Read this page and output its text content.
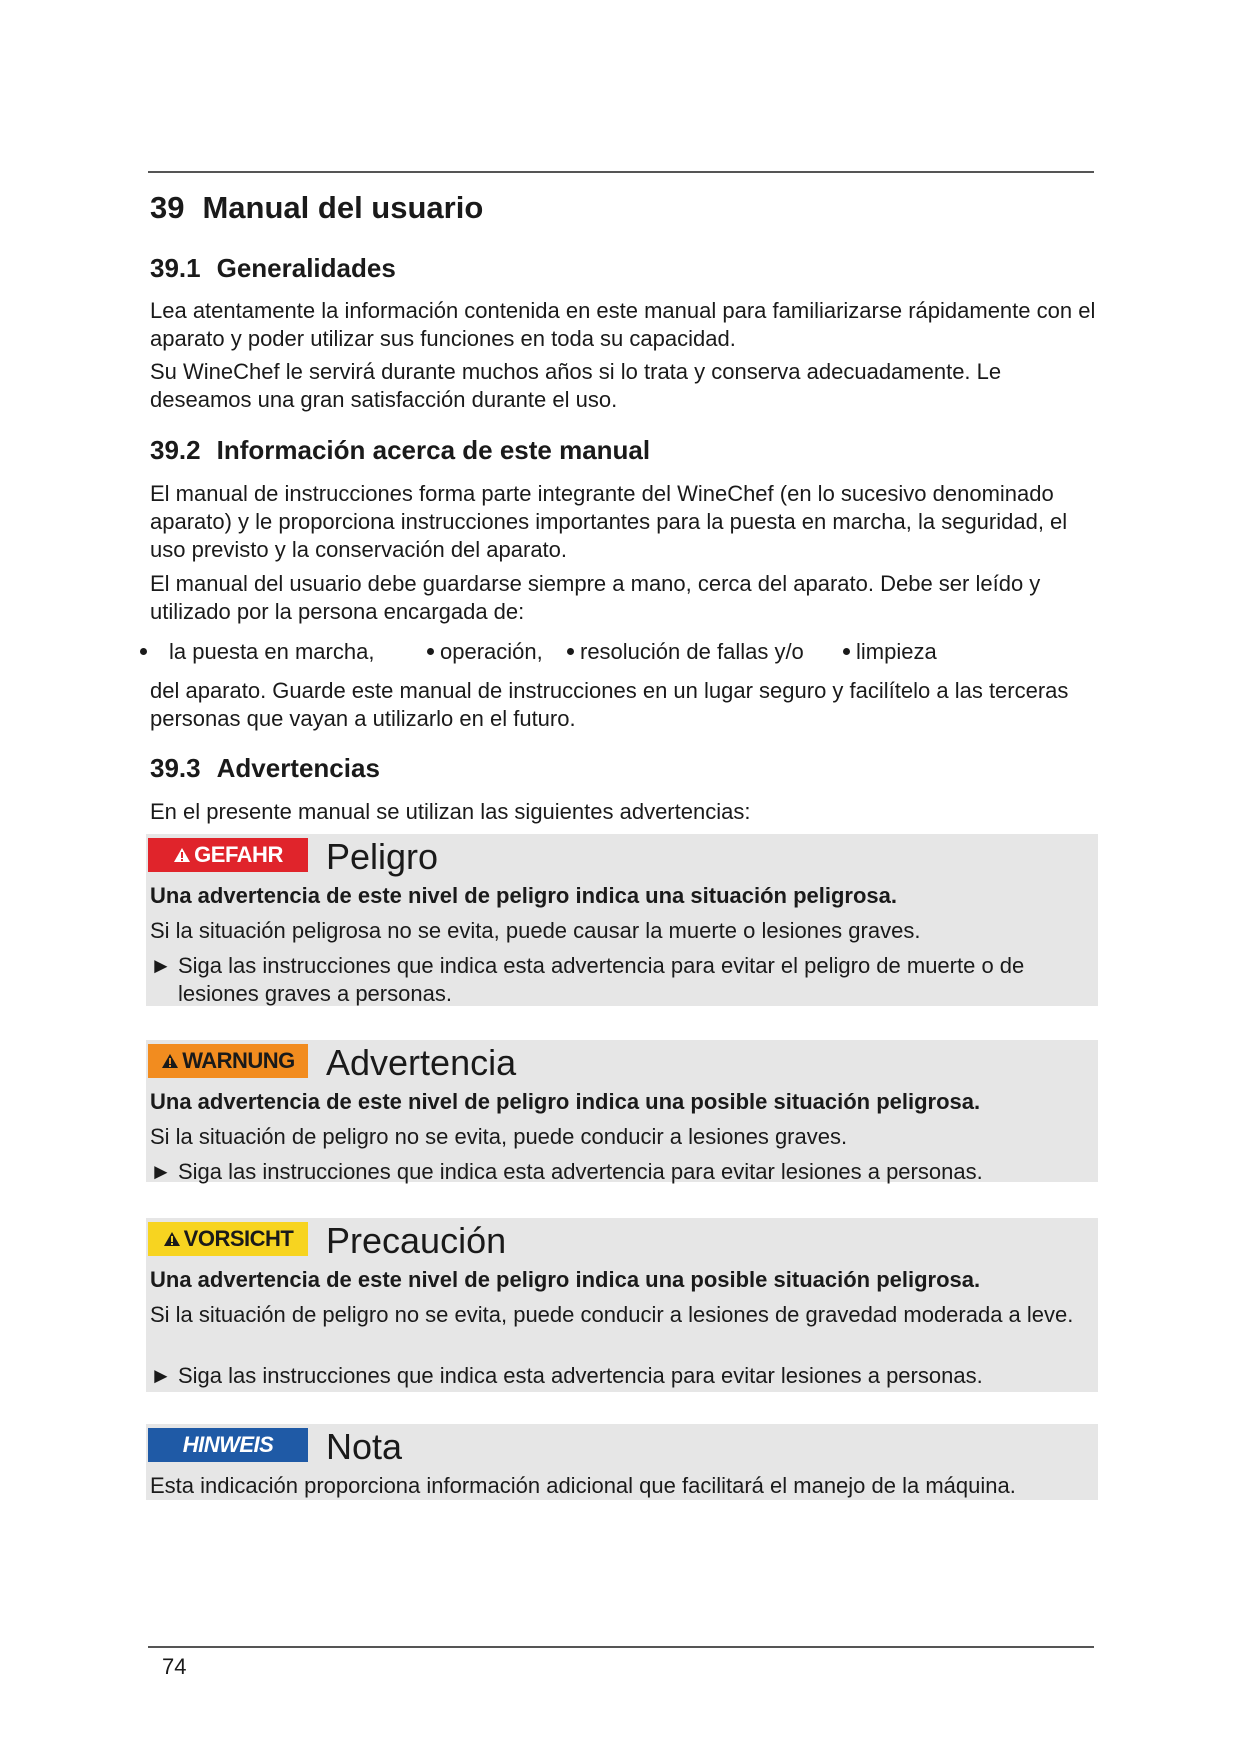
39 Manual del usuario
39.1 Generalidades

Lea atentamente la información contenida en este manual para familiarizarse rápidamente con el aparato y poder utilizar sus funciones en toda su capacidad.

Su WineChef le servirá durante muchos años si lo trata y conserva adecuadamente. Le deseamos una gran satisfacción durante el uso.

39.2 Información acerca de este manual

El manual de instrucciones forma parte integrante del WineChef (en lo sucesivo denominado aparato) y le proporciona instrucciones importantes para la puesta en marcha, la seguridad, el uso previsto y la conservación del aparato.

El manual del usuario debe guardarse siempre a mano, cerca del aparato. Debe ser leído y utilizado por la persona encargada de:

la puesta en marcha,	operación,	resolución de fallas y/o	limpieza

del aparato. Guarde este manual de instrucciones en un lugar seguro y facilítelo a las terceras personas que vayan a utilizarlo en el futuro.

39.3 Advertencias

En el presente manual se utilizan las siguientes advertencias:

GEFAHR Peligro
Una advertencia de este nivel de peligro indica una situación peligrosa.
Si la situación peligrosa no se evita, puede causar la muerte o lesiones graves.
► Siga las instrucciones que indica esta advertencia para evitar el peligro de muerte o de lesiones graves a personas.
WARNUNG Advertencia
Una advertencia de este nivel de peligro indica una posible situación peligrosa.
Si la situación de peligro no se evita, puede conducir a lesiones graves.
► Siga las instrucciones que indica esta advertencia para evitar lesiones a personas.
VORSICHT Precaución
Una advertencia de este nivel de peligro indica una posible situación peligrosa.
Si la situación de peligro no se evita, puede conducir a lesiones de gravedad moderada a leve.
► Siga las instrucciones que indica esta advertencia para evitar lesiones a personas.
HINWEIS Nota
Esta indicación proporciona información adicional que facilitará el manejo de la máquina.
74
